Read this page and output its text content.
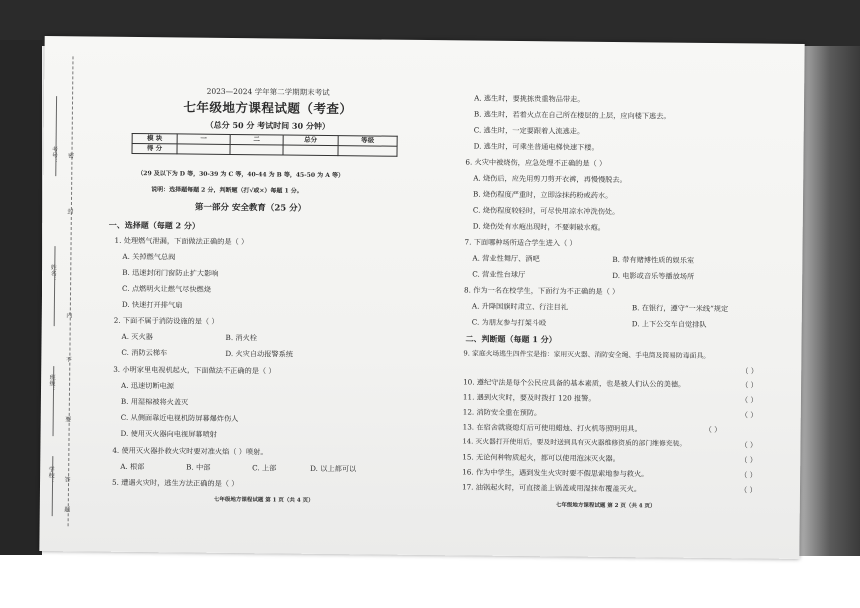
考号：
姓名：
班级：
学校：
密
封
内
不
要
答
题
2023—2024 学年第二学期期末考试
七年级地方课程试题（考查）
（总分 50 分 考试时间 30 分钟）
模 块	一	二	总分	等级
得 分				
（29 及以下为 D 等，30-39 为 C 等，40-44 为 B 等，45-50 为 A 等）
说明：选择题每题 2 分，判断题（打√或×）每题 1 分。
第一部分 安全教育（25 分）
一、选择题（每题 2 分）
1. 处理燃气泄漏，下面做法正确的是（ ）
A. 关掉燃气总阀
B. 迅速封闭门窗防止扩大影响
C. 点燃明火让燃气尽快燃烧
D. 快速打开排气扇
2. 下面不属于消防设施的是（ ）
A. 灭火器	B. 消火栓
C. 消防云梯车	D. 火灾自动报警系统
3. 小明家里电视机起火，下面做法不正确的是（ ）
A. 迅速切断电源
B. 用湿棉被将火盖灭
C. 从侧面靠近电视机防屏幕爆炸伤人
D. 使用灭火器向电视屏幕喷射
4. 使用灭火器扑救火灾时要对准火焰（ ）喷射。
A. 根部	B. 中部	C. 上部	D. 以上都可以
5. 遭遇火灾时，逃生方法正确的是（ ）
七年级地方课程试题 第 1 页（共 4 页）
A. 逃生时，要挑拣贵重物品带走。
B. 逃生时，若着火点在自己所在楼层的上层，应向楼下逃去。
C. 逃生时，一定要跟着人流逃走。
D. 逃生时，可乘坐普通电梯快速下楼。
6. 火灾中被烧伤，应急处理不正确的是（ ）
A. 烧伤后，应先用剪刀剪开衣裤，再慢慢脱去。
B. 烧伤程度严重时，立即涂抹药粉或药水。
C. 烧伤程度较轻时，可尽快用凉水冲洗伤处。
D. 烧伤处有水疱出现时，不要刺破水疱。
7. 下面哪种场所适合学生进入（ ）
A. 营业性舞厅、酒吧	B. 带有赌博性质的娱乐室
C. 营业性台球厅	D. 电影或音乐等播放场所
8. 作为一名在校学生，下面行为不正确的是（ ）
A. 升降国旗时肃立、行注目礼	B. 在银行，遵守“一米线”规定
C. 为朋友参与打架斗殴	D. 上下公交车自觉排队
二、判断题（每题 1 分）
9. 家庭火场逃生四件宝是指：家用灭火器、消防安全绳、手电筒及简易防毒面具。
（ ）
10. 遵纪守法是每个公民应具备的基本素质，也是被人们认公的美德。	（ ）
11. 遇到火灾时，要及时拨打 120 报警。	（ ）
12. 消防安全重在预防。	（ ）
13. 在宿舍就寝熄灯后可使用蜡烛、打火机等照明用具。	（ ）
14. 灭火器打开使用后，要及时送到具有灭火器维修资质的部门维修充装。	（ ）
15. 无论何种物质起火，都可以使用泡沫灭火器。	（ ）
16. 作为中学生，遇到发生火灾时要不假思索地参与救火。	（ ）
17. 油锅起火时，可直接盖上锅盖或用湿抹布覆盖灭火。	（ ）
七年级地方课程试题 第 2 页（共 4 页）
